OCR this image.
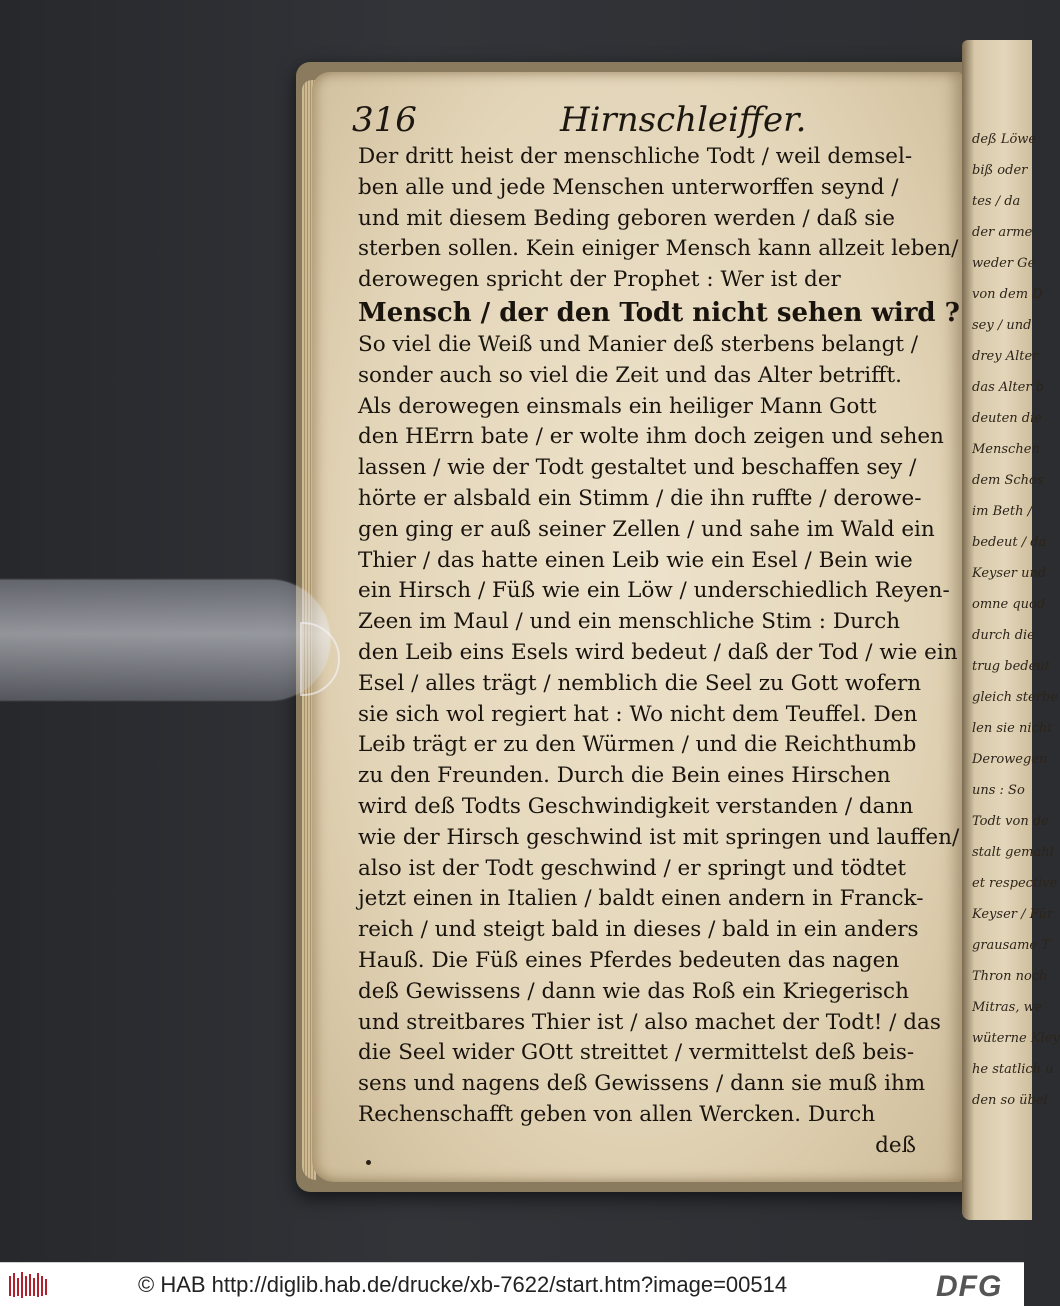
deß Löwe
biß oder
tes / da
der arme
weder Ge
von dem D
sey / und
drey Alter
das Alter b
deuten die
Menschen
dem Schos
im Beth /
bedeut / da
Keyser und
omne quod
durch die
trug bedeut
gleich sterbe
len sie nicht
Derowegen
uns : So
Todt von de
stalt gemahl
et respective
Keyser / Für
grausame T
Thron noch
Mitras, we
wüterne Kley
he statlich u
den so übel
316	Hirnschleiffer.
Der dritt heist der menschliche Todt / weil demsel-
ben alle und jede Menschen unterworffen seynd /
und mit diesem Beding geboren werden / daß sie
sterben sollen. Kein einiger Mensch kann allzeit leben/
derowegen spricht der Prophet : Wer ist der
Mensch / der den Todt nicht sehen wird ?
So viel die Weiß und Manier deß sterbens belangt /
sonder auch so viel die Zeit und das Alter betrifft.
Als derowegen einsmals ein heiliger Mann Gott
den HErrn bate / er wolte ihm doch zeigen und sehen
lassen / wie der Todt gestaltet und beschaffen sey /
hörte er alsbald ein Stimm / die ihn ruffte / derowe-
gen ging er auß seiner Zellen / und sahe im Wald ein
Thier / das hatte einen Leib wie ein Esel / Bein wie
ein Hirsch / Füß wie ein Löw / underschiedlich Reyen-
Zeen im Maul / und ein menschliche Stim : Durch
den Leib eins Esels wird bedeut / daß der Tod / wie ein
Esel / alles trägt / nemblich die Seel zu Gott wofern
sie sich wol regiert hat : Wo nicht dem Teuffel. Den
Leib trägt er zu den Würmen / und die Reichthumb
zu den Freunden. Durch die Bein eines Hirschen
wird deß Todts Geschwindigkeit verstanden / dann
wie der Hirsch geschwind ist mit springen und lauffen/
also ist der Todt geschwind / er springt und tödtet
jetzt einen in Italien / baldt einen andern in Franck-
reich / und steigt bald in dieses / bald in ein anders
Hauß. Die Füß eines Pferdes bedeuten das nagen
deß Gewissens / dann wie das Roß ein Kriegerisch
und streitbares Thier ist / also machet der Todt! / das
die Seel wider GOtt streittet / vermittelst deß beis-
sens und nagens deß Gewissens / dann sie muß ihm
Rechenschafft geben von allen Wercken. Durch
deß
© HAB http://diglib.hab.de/drucke/xb-7622/start.htm?image=00514	DFG
